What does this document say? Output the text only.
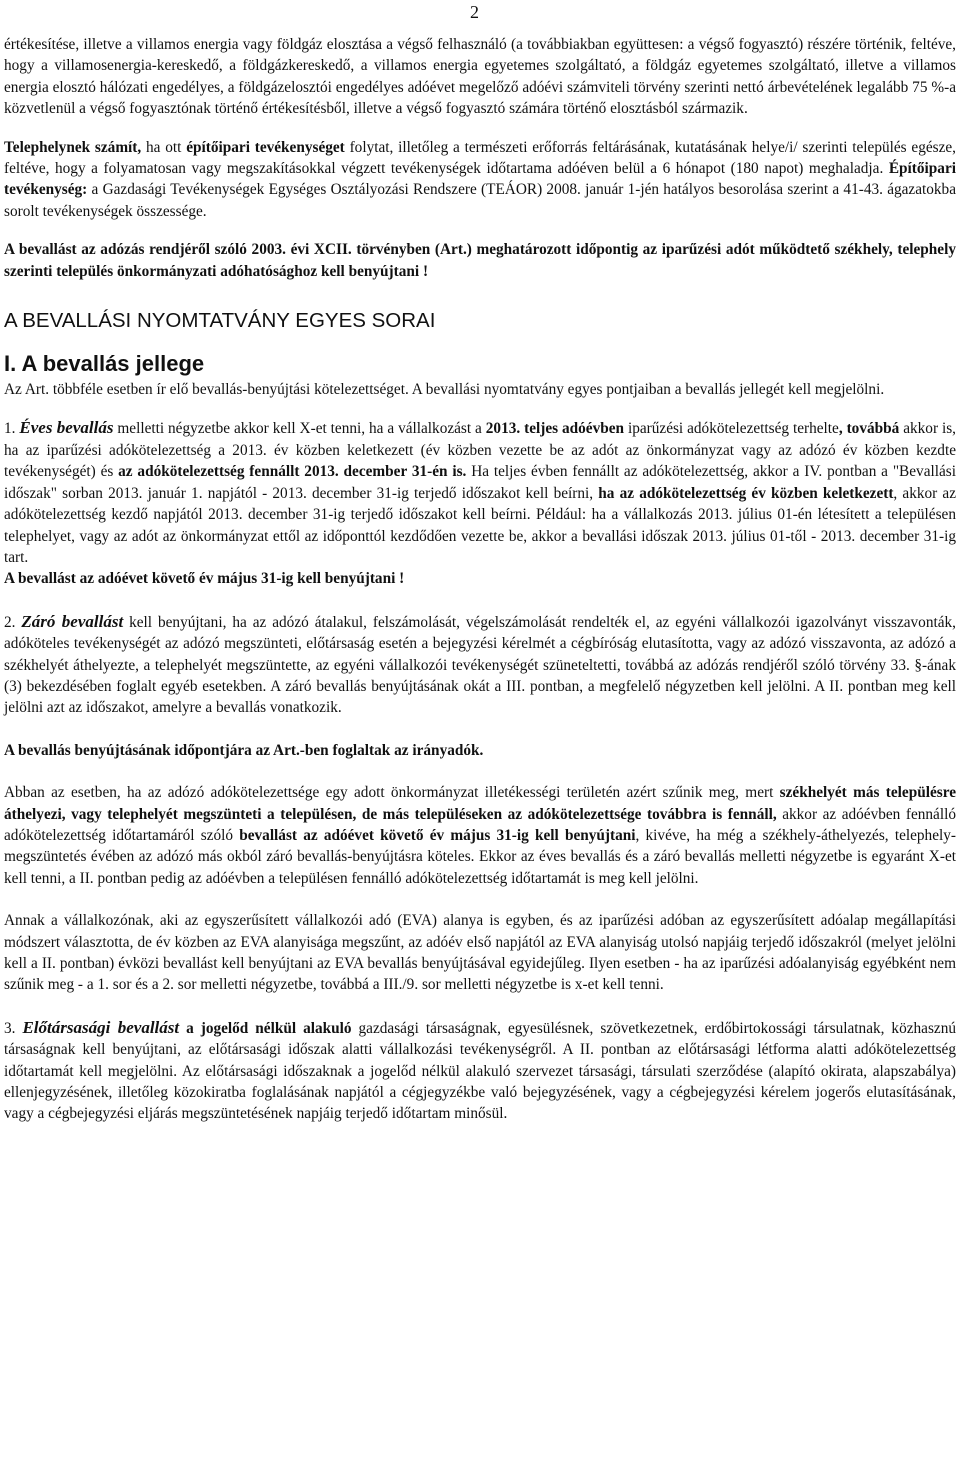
2

értékesítése, illetve a villamos energia vagy földgáz elosztása a végső felhasználó (a továbbiakban együttesen: a végső fogyasztó) részére történik, feltéve, hogy a villamosenergia-kereskedő, a földgázkereskedő, a villamos energia egyetemes szolgáltató, a földgáz egyetemes szolgáltató, illetve a villamos energia elosztó hálózati engedélyes, a földgázelosztói engedélyes adóévet megelőző adóévi számviteli törvény szerinti nettó árbevételének legalább 75 %-a közvetlenül a végső fogyasztónak történő értékesítésből, illetve a végső fogyasztó számára történő elosztásból származik.

Telephelynek számít, ha ott építőipari tevékenységet folytat, illetőleg a természeti erőforrás feltárásának, kutatásának helye/i/ szerinti település egésze, feltéve, hogy a folyamatosan vagy megszakításokkal végzett tevékenységek időtartama adóéven belül a 6 hónapot (180 napot) meghaladja. Építőipari tevékenység: a Gazdasági Tevékenységek Egységes Osztályozási Rendszere (TEÁOR) 2008. január 1-jén hatályos besorolása szerint a 41-43. ágazatokba sorolt tevékenységek összessége.

A bevallást az adózás rendjéről szóló 2003. évi XCII. törvényben (Art.) meghatározott időpontig az iparűzési adót működtető székhely, telephely szerinti település önkormányzati adóhatósághoz kell benyújtani !

A BEVALLÁSI NYOMTATVÁNY EGYES SORAI
I. A bevallás jellege

Az Art. többféle esetben ír elő bevallás-benyújtási kötelezettséget. A bevallási nyomtatvány egyes pontjaiban a bevallás jellegét kell megjelölni.

1. Éves bevallás melletti négyzetbe akkor kell X-et tenni, ha a vállalkozást a 2013. teljes adóévben iparűzési adókötelezettség terhelte, továbbá akkor is, ha az iparűzési adókötelezettség a 2013. év közben keletkezett (év közben vezette be az adót az önkormányzat vagy az adózó év közben kezdte tevékenységét) és az adókötelezettség fennállt 2013. december 31-én is. Ha teljes évben fennállt az adókötelezettség, akkor a IV. pontban a "Bevallási időszak" sorban 2013. január 1. napjától - 2013. december 31-ig terjedő időszakot kell beírni, ha az adókötelezettség év közben keletkezett, akkor az adókötelezettség kezdő napjától 2013. december 31-ig terjedő időszakot kell beírni. Például: ha a vállalkozás 2013. július 01-én létesített a településen telephelyet, vagy az adót az önkormányzat ettől az időponttól kezdődően vezette be, akkor a bevallási időszak 2013. július 01-től - 2013. december 31-ig tart.
A bevallást az adóévet követő év május 31-ig kell benyújtani !

2. Záró bevallást kell benyújtani, ha az adózó átalakul, felszámolását, végelszámolását rendelték el, az egyéni vállalkozói igazolványt visszavonták, adóköteles tevékenységét az adózó megszünteti, előtársaság esetén a bejegyzési kérelmét a cégbíróság elutasította, vagy az adózó visszavonta, az adózó a székhelyét áthelyezte, a telephelyét megszüntette, az egyéni vállalkozói tevékenységét szüneteltetti, továbbá az adózás rendjéről szóló törvény 33. §-ának (3) bekezdésében foglalt egyéb esetekben. A záró bevallás benyújtásának okát a III. pontban, a megfelelő négyzetben kell jelölni. A II. pontban meg kell jelölni azt az időszakot, amelyre a bevallás vonatkozik.

A bevallás benyújtásának időpontjára az Art.-ben foglaltak az irányadók.

Abban az esetben, ha az adózó adókötelezettsége egy adott önkormányzat illetékességi területén azért szűnik meg, mert székhelyét más településre áthelyezi, vagy telephelyét megszünteti a településen, de más településeken az adókötelezettsége továbbra is fennáll, akkor az adóévben fennálló adókötelezettség időtartamáról szóló bevallást az adóévet követő év május 31-ig kell benyújtani, kivéve, ha még a székhely-áthelyezés, telephely-megszüntetés évében az adózó más okból záró bevallás-benyújtásra köteles. Ekkor az éves bevallás és a záró bevallás melletti négyzetbe is egyaránt X-et kell tenni, a II. pontban pedig az adóévben a településen fennálló adókötelezettség időtartamát is meg kell jelölni.

Annak a vállalkozónak, aki az egyszerűsített vállalkozói adó (EVA) alanya is egyben, és az iparűzési adóban az egyszerűsített adóalap megállapítási módszert választotta, de év közben az EVA alanyisága megszűnt, az adóév első napjától az EVA alanyiság utolsó napjáig terjedő időszakról (melyet jelölni kell a II. pontban) évközi bevallást kell benyújtani az EVA bevallás benyújtásával egyidejűleg. Ilyen esetben - ha az iparűzési adóalanyiság egyébként nem szűnik meg - a 1. sor és a 2. sor melletti négyzetbe, továbbá a III./9. sor melletti négyzetbe is x-et kell tenni.

3. Előtársasági bevallást a jogelőd nélkül alakuló gazdasági társaságnak, egyesülésnek, szövetkezetnek, erdőbirtokossági társulatnak, közhasznú társaságnak kell benyújtani, az előtársasági időszak alatti vállalkozási tevékenységről. A II. pontban az előtársasági létforma alatti adókötelezettség időtartamát kell megjelölni. Az előtársasági időszaknak a jogelőd nélkül alakuló szervezet társasági, társulati szerződése (alapító okirata, alapszabálya) ellenjegyzésének, illetőleg közokiratba foglalásának napjától a cégjegyzékbe való bejegyzésének, vagy a cégbejegyzési kérelem jogerős elutasításának, vagy a cégbejegyzési eljárás megszüntetésének napjáig terjedő időtartam minősül.
